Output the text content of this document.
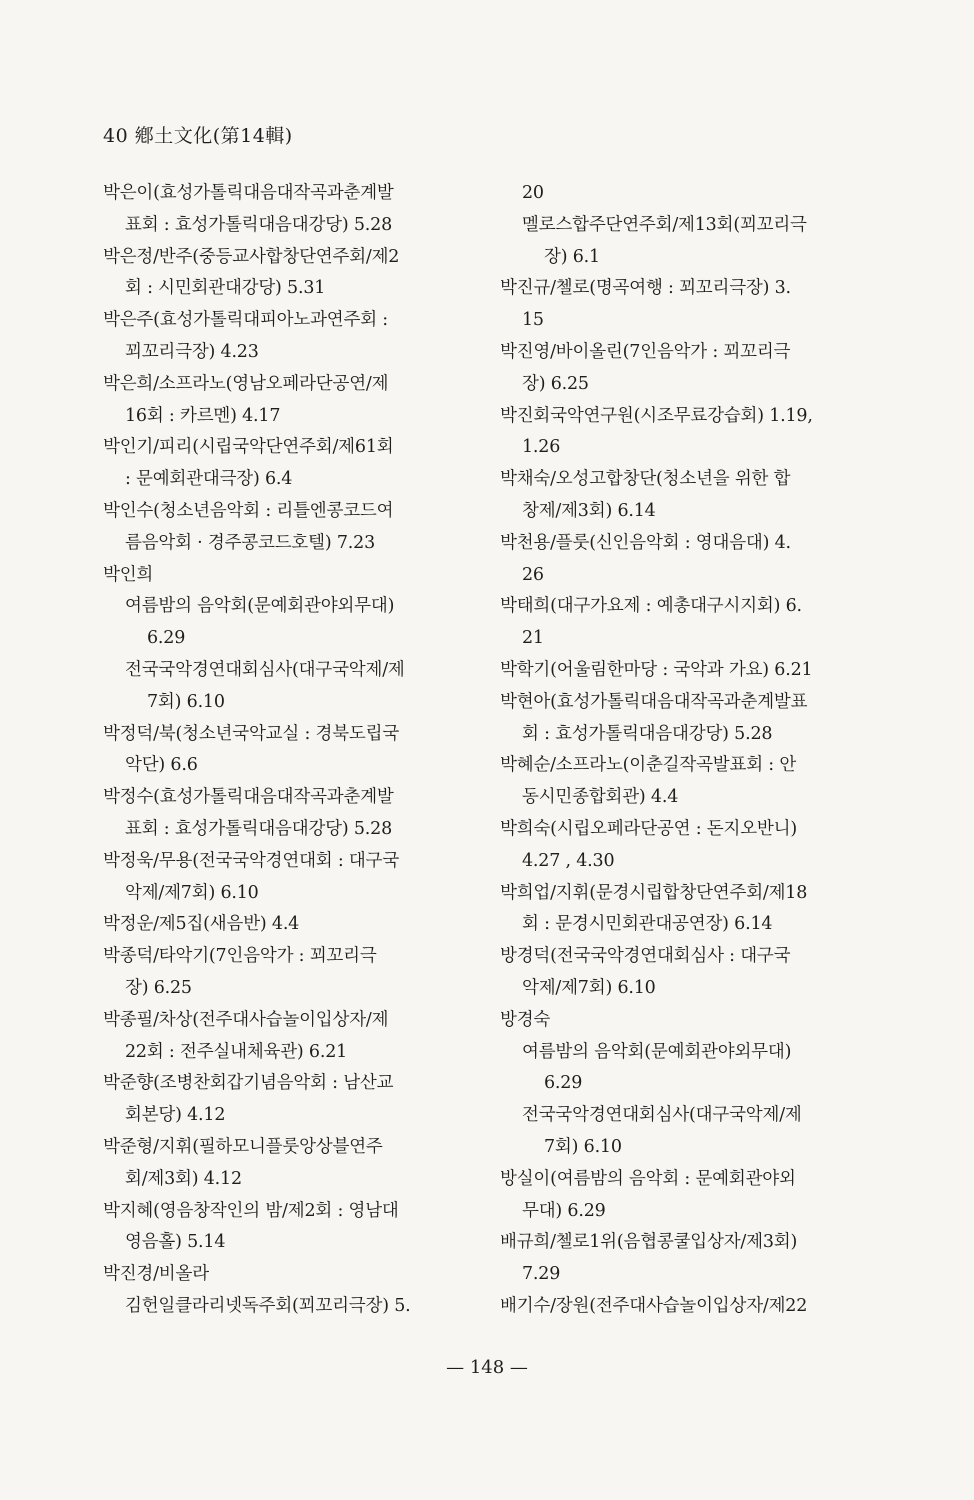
40 鄕土文化(第14輯)
박은이(효성가톨릭대음대작곡과춘계발
표회 : 효성가톨릭대음대강당) 5.28
박은정/반주(중등교사합창단연주회/제2
회 : 시민회관대강당) 5.31
박은주(효성가톨릭대피아노과연주회 :
꾀꼬리극장) 4.23
박은희/소프라노(영남오페라단공연/제
16회 : 카르멘) 4.17
박인기/피리(시립국악단연주회/제61회
: 문예회관대극장) 6.4
박인수(청소년음악회 : 리틀엔콩코드여
름음악회 · 경주콩코드호텔) 7.23
박인희
여름밤의 음악회(문예회관야외무대)
6.29
전국국악경연대회심사(대구국악제/제
7회) 6.10
박정덕/북(청소년국악교실 : 경북도립국
악단) 6.6
박정수(효성가톨릭대음대작곡과춘계발
표회 : 효성가톨릭대음대강당) 5.28
박정욱/무용(전국국악경연대회 : 대구국
악제/제7회) 6.10
박정운/제5집(새음반) 4.4
박종덕/타악기(7인음악가 : 꾀꼬리극
장) 6.25
박종필/차상(전주대사습놀이입상자/제
22회 : 전주실내체육관) 6.21
박준향(조병찬회갑기념음악회 : 남산교
회본당) 4.12
박준형/지휘(필하모니플룻앙상블연주
회/제3회) 4.12
박지혜(영음창작인의 밤/제2회 : 영남대
영음홀) 5.14
박진경/비올라
김헌일클라리넷독주회(꾀꼬리극장) 5.
20
멜로스합주단연주회/제13회(꾀꼬리극
장) 6.1
박진규/첼로(명곡여행 : 꾀꼬리극장) 3.
15
박진영/바이올린(7인음악가 : 꾀꼬리극
장) 6.25
박진회국악연구원(시조무료강습회) 1.19,
1.26
박채숙/오성고합창단(청소년을 위한 합
창제/제3회) 6.14
박천용/플룻(신인음악회 : 영대음대) 4.
26
박태희(대구가요제 : 예총대구시지회) 6.
21
박학기(어울림한마당 : 국악과 가요) 6.21
박현아(효성가톨릭대음대작곡과춘계발표
회 : 효성가톨릭대음대강당) 5.28
박혜순/소프라노(이춘길작곡발표회 : 안
동시민종합회관) 4.4
박희숙(시립오페라단공연 : 돈지오반니)
4.27 , 4.30
박희업/지휘(문경시립합창단연주회/제18
회 : 문경시민회관대공연장) 6.14
방경덕(전국국악경연대회심사 : 대구국
악제/제7회) 6.10
방경숙
여름밤의 음악회(문예회관야외무대)
6.29
전국국악경연대회심사(대구국악제/제
7회) 6.10
방실이(여름밤의 음악회 : 문예회관야외
무대) 6.29
배규희/첼로1위(음협콩쿨입상자/제3회)
7.29
배기수/장원(전주대사습놀이입상자/제22
— 148 —
